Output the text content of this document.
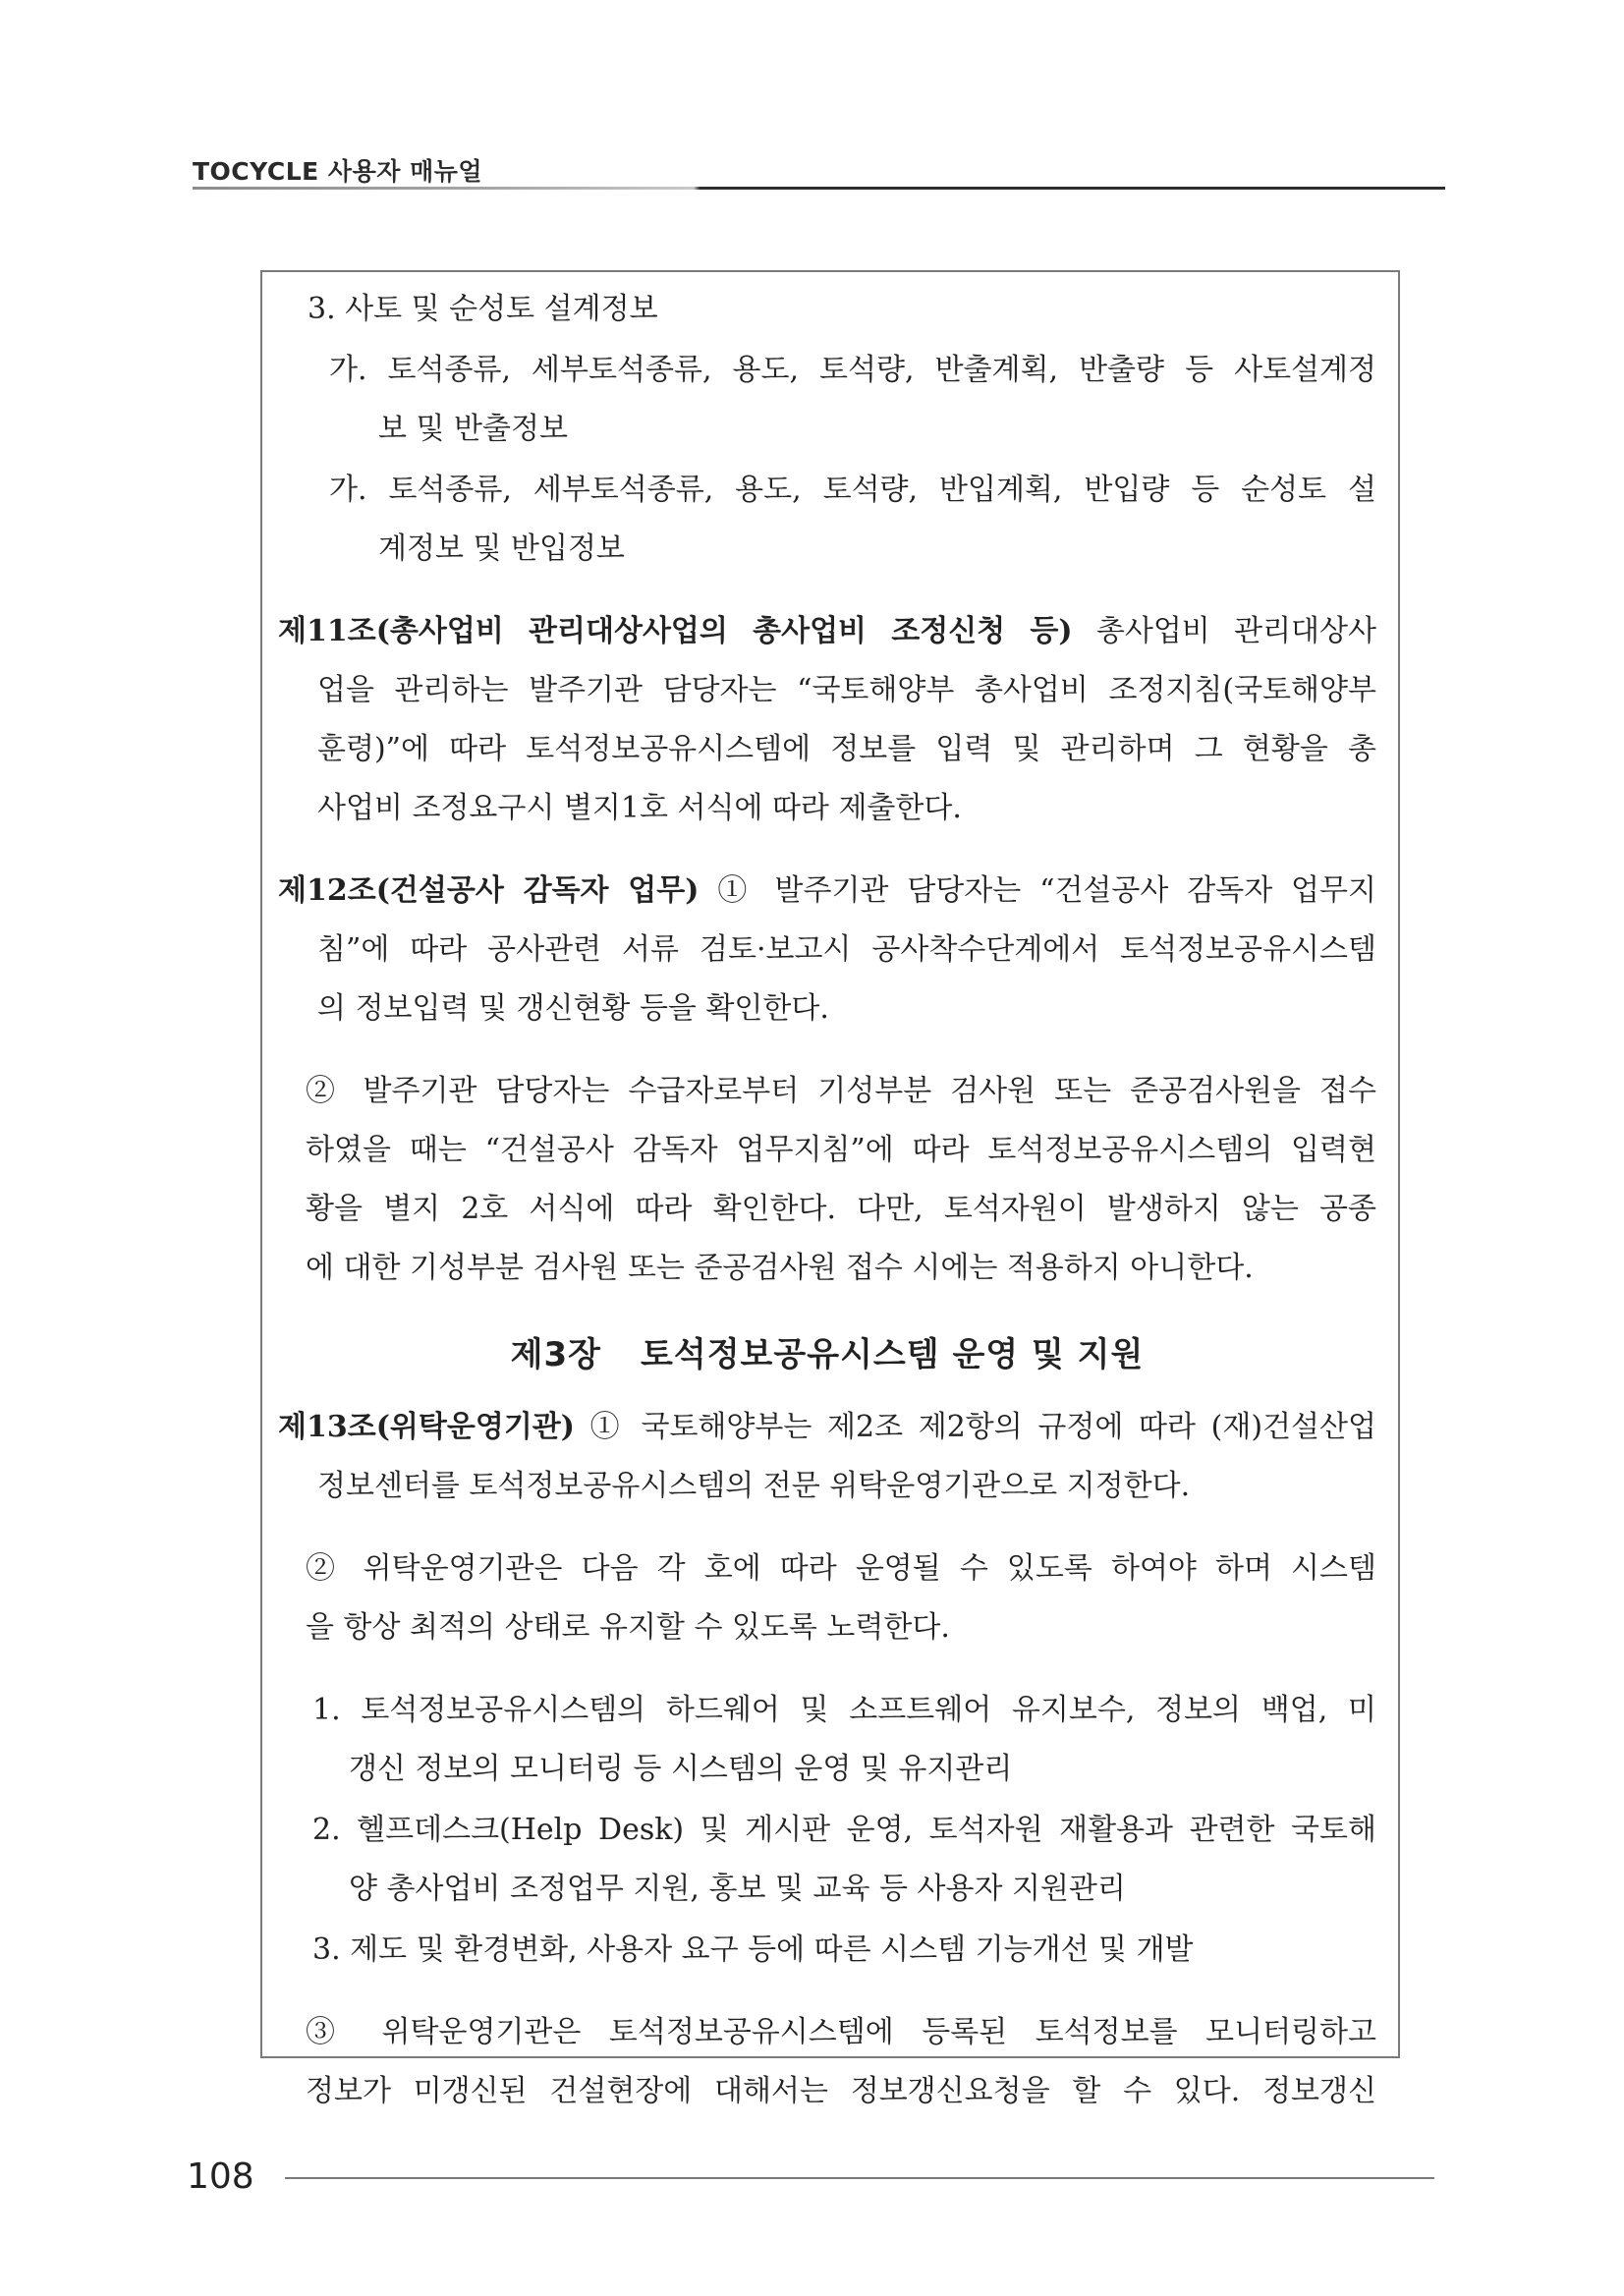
TOCYCLE 사용자 매뉴얼
3. 사토 및 순성토 설계정보
가. 토석종류, 세부토석종류, 용도, 토석량, 반출계획, 반출량 등 사토설계정
보 및 반출정보
가. 토석종류, 세부토석종류, 용도, 토석량, 반입계획, 반입량 등 순성토 설
계정보 및 반입정보
제11조(총사업비 관리대상사업의 총사업비 조정신청 등) 총사업비 관리대상사
업을 관리하는 발주기관 담당자는 “국토해양부 총사업비 조정지침(국토해양부
훈령)”에 따라 토석정보공유시스템에 정보를 입력 및 관리하며 그 현황을 총
사업비 조정요구시 별지1호 서식에 따라 제출한다.
제12조(건설공사 감독자 업무) ① 발주기관 담당자는 “건설공사 감독자 업무지
침”에 따라 공사관련 서류 검토·보고시 공사착수단계에서 토석정보공유시스템
의 정보입력 및 갱신현황 등을 확인한다.
② 발주기관 담당자는 수급자로부터 기성부분 검사원 또는 준공검사원을 접수
하였을 때는 “건설공사 감독자 업무지침”에 따라 토석정보공유시스템의 입력현
황을 별지 2호 서식에 따라 확인한다. 다만, 토석자원이 발생하지 않는 공종
에 대한 기성부분 검사원 또는 준공검사원 접수 시에는 적용하지 아니한다.
제3장 토석정보공유시스템 운영 및 지원
제13조(위탁운영기관) ① 국토해양부는 제2조 제2항의 규정에 따라 (재)건설산업
정보센터를 토석정보공유시스템의 전문 위탁운영기관으로 지정한다.
② 위탁운영기관은 다음 각 호에 따라 운영될 수 있도록 하여야 하며 시스템
을 항상 최적의 상태로 유지할 수 있도록 노력한다.
1. 토석정보공유시스템의 하드웨어 및 소프트웨어 유지보수, 정보의 백업, 미
갱신 정보의 모니터링 등 시스템의 운영 및 유지관리
2. 헬프데스크(Help Desk) 및 게시판 운영, 토석자원 재활용과 관련한 국토해
양 총사업비 조정업무 지원, 홍보 및 교육 등 사용자 지원관리
3. 제도 및 환경변화, 사용자 요구 등에 따른 시스템 기능개선 및 개발
③ 위탁운영기관은 토석정보공유시스템에 등록된 토석정보를 모니터링하고
정보가 미갱신된 건설현장에 대해서는 정보갱신요청을 할 수 있다. 정보갱신
108
